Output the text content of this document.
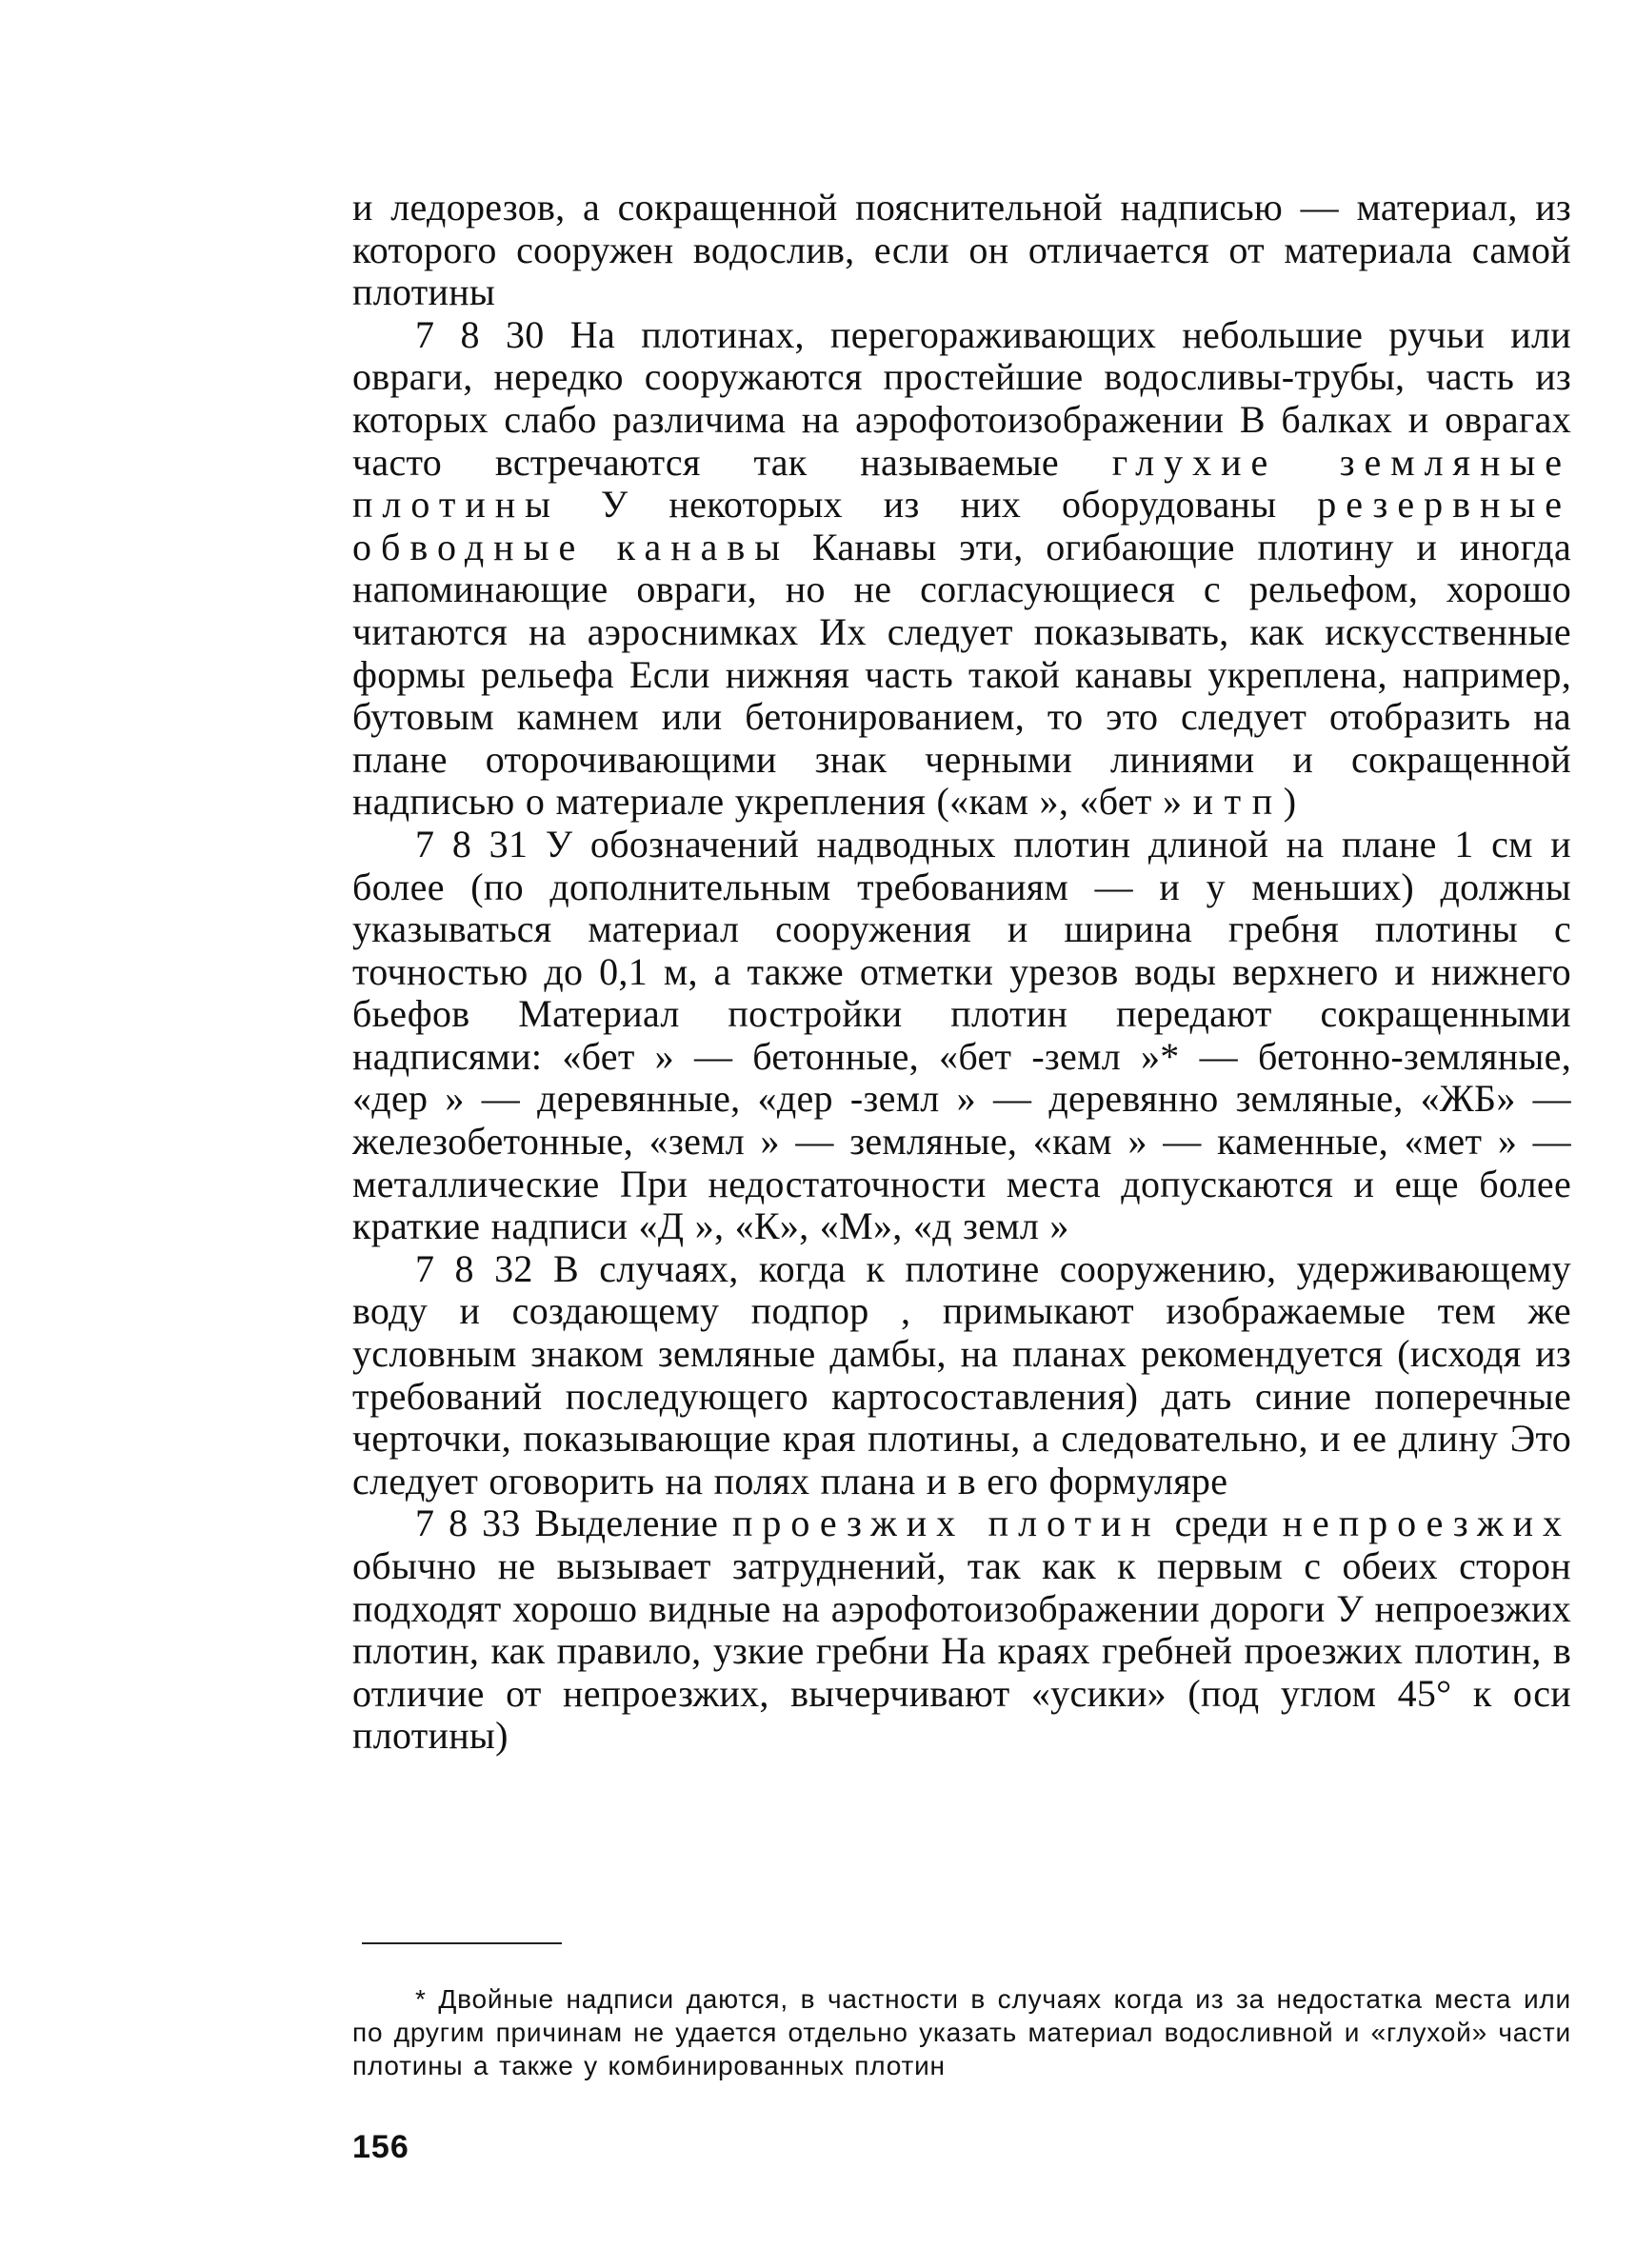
и ледорезов, а сокращенной пояснительной надписью — материал, из которого сооружен водослив, если он отличается от материала самой плотины

7 8 30 На плотинах, перегораживающих небольшие ручьи или овраги, нередко сооружаются простейшие водосливы-трубы, часть из которых слабо различима на аэрофотоизображении В балках и оврагах часто встречаются так называемые глухие земляные плотины У некоторых из них оборудованы резервные обводные канавы Канавы эти, огибающие плотину и иногда напоминающие овраги, но не согласующиеся с рельефом, хорошо читаются на аэроснимках Их следует показывать, как искусственные формы рельефа Если нижняя часть такой канавы укреплена, например, бутовым камнем или бетонированием, то это следует отобразить на плане оторочивающими знак черными линиями и сокращенной надписью о материале укрепления («кам », «бет » и т п )

7 8 31 У обозначений надводных плотин длиной на плане 1 см и более (по дополнительным требованиям — и у меньших) должны указываться материал сооружения и ширина гребня плотины с точностью до 0,1 м, а также отметки урезов воды верхнего и нижнего бьефов Материал постройки плотин передают сокращенными надписями: «бет » — бетонные, «бет -земл »* — бетонно-земляные, «дер » — деревянные, «дер -земл » — деревянно земляные, «ЖБ» — железобетонные, «земл » — земляные, «кам » — каменные, «мет » — металлические При недостаточности места допускаются и еще более краткие надписи «Д », «К», «М», «д земл »

7 8 32 В случаях, когда к плотине сооружению, удерживающему воду и создающему подпор , примыкают изображаемые тем же условным знаком земляные дамбы, на планах рекомендуется (исходя из требований последующего картосоставления) дать синие поперечные черточки, показывающие края плотины, а следовательно, и ее длину Это следует оговорить на полях плана и в его формуляре

7 8 33 Выделение проезжих плотин среди непроезжих обычно не вызывает затруднений, так как к первым с обеих сторон подходят хорошо видные на аэрофотоизображении дороги У непроезжих плотин, как правило, узкие гребни На краях гребней проезжих плотин, в отличие от непроезжих, вычерчивают «усики» (под углом 45° к оси плотины)

* Двойные надписи даются, в частности в случаях когда из за недостатка места или по другим причинам не удается отдельно указать материал водосливной и «глухой» части плотины а также у комбинированных плотин

156
